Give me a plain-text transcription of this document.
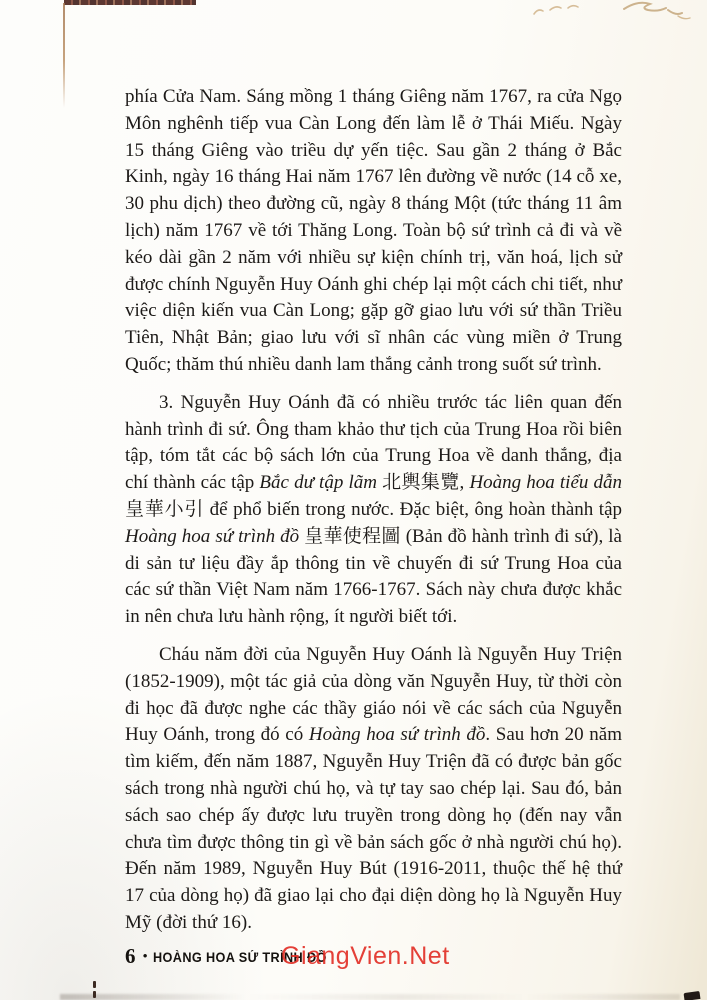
phía Cửa Nam. Sáng mồng 1 tháng Giêng năm 1767, ra cửa Ngọ Môn nghênh tiếp vua Càn Long đến làm lễ ở Thái Miếu. Ngày 15 tháng Giêng vào triều dự yến tiệc. Sau gần 2 tháng ở Bắc Kinh, ngày 16 tháng Hai năm 1767 lên đường về nước (14 cỗ xe, 30 phu dịch) theo đường cũ, ngày 8 tháng Một (tức tháng 11 âm lịch) năm 1767 về tới Thăng Long. Toàn bộ sứ trình cả đi và về kéo dài gần 2 năm với nhiều sự kiện chính trị, văn hoá, lịch sử được chính Nguyễn Huy Oánh ghi chép lại một cách chi tiết, như việc diện kiến vua Càn Long; gặp gỡ giao lưu với sứ thần Triều Tiên, Nhật Bản; giao lưu với sĩ nhân các vùng miền ở Trung Quốc; thăm thú nhiều danh lam thắng cảnh trong suốt sứ trình.

3. Nguyễn Huy Oánh đã có nhiều trước tác liên quan đến hành trình đi sứ. Ông tham khảo thư tịch của Trung Hoa rồi biên tập, tóm tắt các bộ sách lớn của Trung Hoa về danh thắng, địa chí thành các tập Bắc dư tập lãm 北輿集覽, Hoàng hoa tiểu dẫn 皇華小引 để phổ biến trong nước. Đặc biệt, ông hoàn thành tập Hoàng hoa sứ trình đồ 皇華使程圖 (Bản đồ hành trình đi sứ), là di sản tư liệu đầy ắp thông tin về chuyến đi sứ Trung Hoa của các sứ thần Việt Nam năm 1766-1767. Sách này chưa được khắc in nên chưa lưu hành rộng, ít người biết tới.

Cháu năm đời của Nguyễn Huy Oánh là Nguyễn Huy Triện (1852-1909), một tác giả của dòng văn Nguyễn Huy, từ thời còn đi học đã được nghe các thầy giáo nói về các sách của Nguyễn Huy Oánh, trong đó có Hoàng hoa sứ trình đồ. Sau hơn 20 năm tìm kiếm, đến năm 1887, Nguyễn Huy Triện đã có được bản gốc sách trong nhà người chú họ, và tự tay sao chép lại. Sau đó, bản sách sao chép ấy được lưu truyền trong dòng họ (đến nay vẫn chưa tìm được thông tin gì về bản sách gốc ở nhà người chú họ). Đến năm 1989, Nguyễn Huy Bút (1916-2011, thuộc thế hệ thứ 17 của dòng họ) đã giao lại cho đại diện dòng họ là Nguyễn Huy Mỹ (đời thứ 16).

6 • HOÀNG HOA SỨ TRÌNH ĐỒ
GiangVien.Net
